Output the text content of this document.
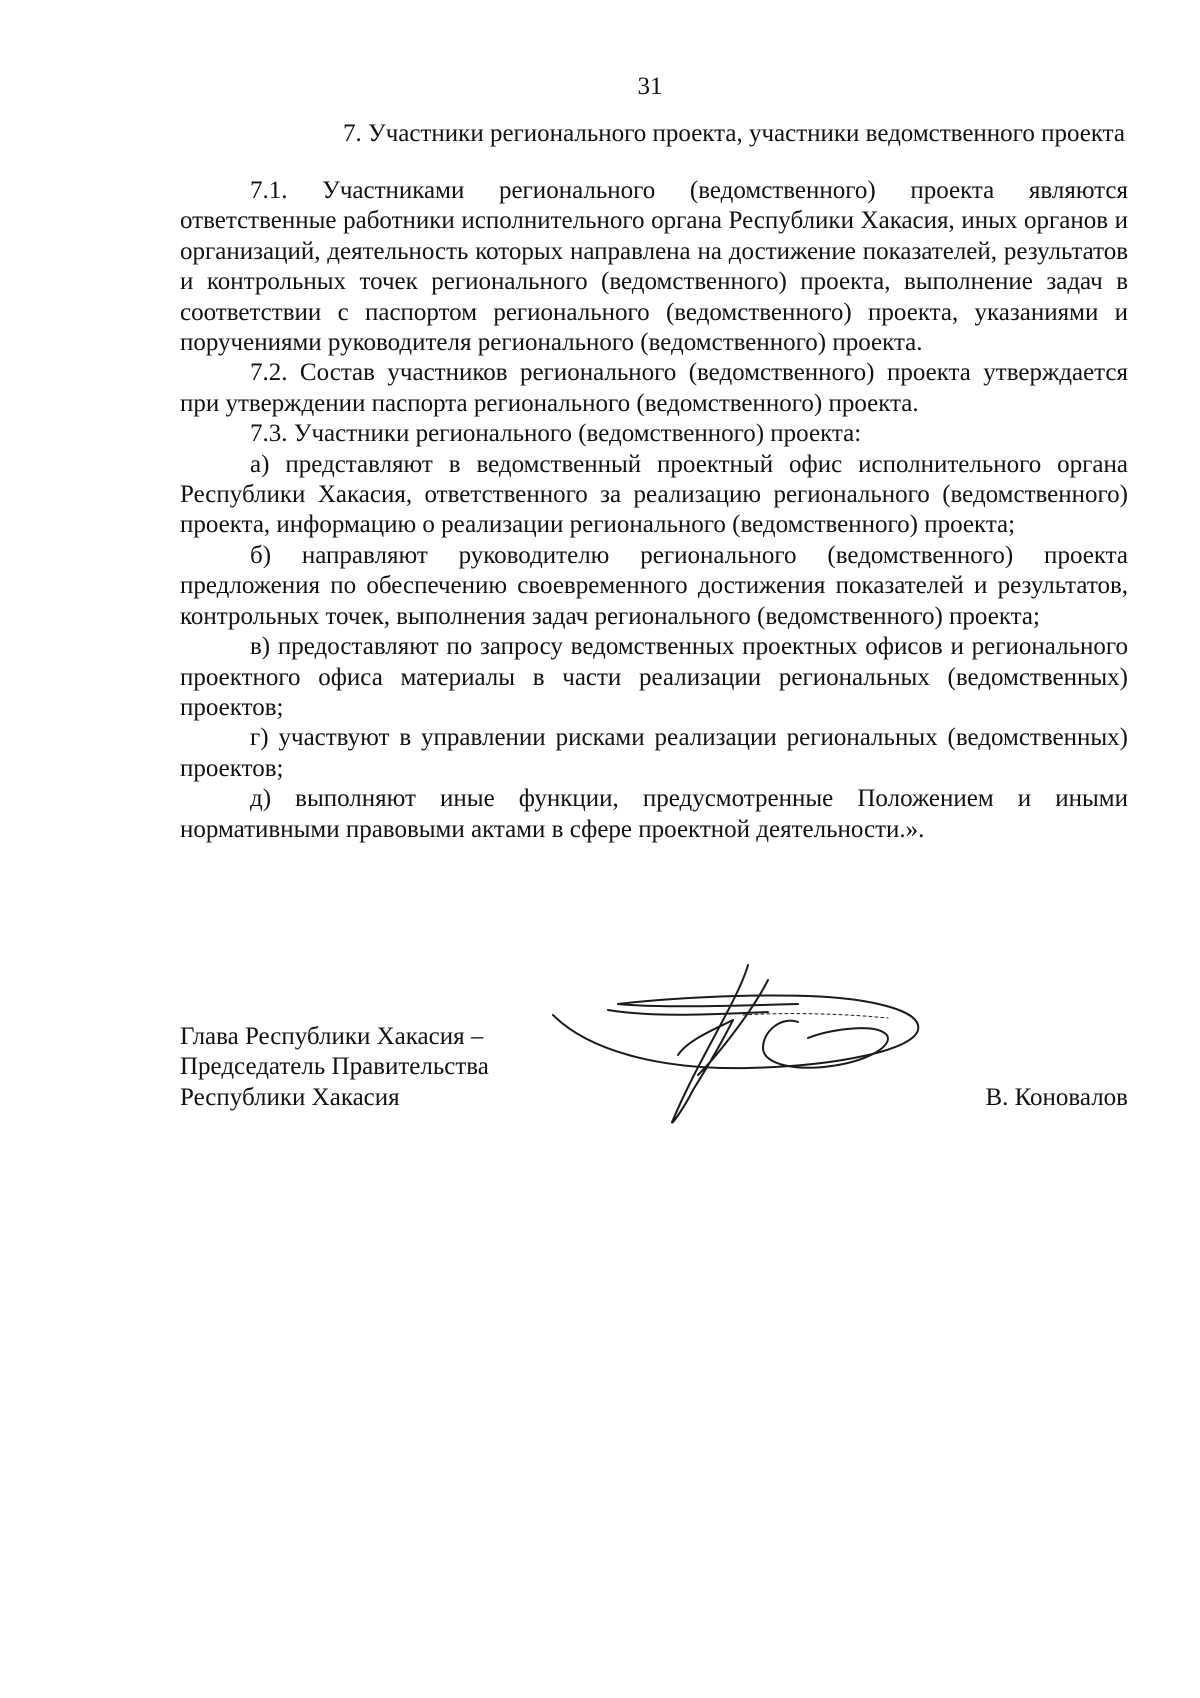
31
7. Участники регионального проекта, участники ведомственного проекта

7.1. Участниками регионального (ведомственного) проекта являются ответственные работники исполнительного органа Республики Хакасия, иных органов и организаций, деятельность которых направлена на достижение показателей, результатов и контрольных точек регионального (ведомственного) проекта, выполнение задач в соответствии с паспортом регионального (ведомственного) проекта, указаниями и поручениями руководителя регионального (ведомственного) проекта.

7.2. Состав участников регионального (ведомственного) проекта утверждается при утверждении паспорта регионального (ведомственного) проекта.

7.3. Участники регионального (ведомственного) проекта:

а) представляют в ведомственный проектный офис исполнительного органа Республики Хакасия, ответственного за реализацию регионального (ведомственного) проекта, информацию о реализации регионального (ведомственного) проекта;

б) направляют руководителю регионального (ведомственного) проекта предложения по обеспечению своевременного достижения показателей и результатов, контрольных точек, выполнения задач регионального (ведомственного) проекта;

в) предоставляют по запросу ведомственных проектных офисов и регионального проектного офиса материалы в части реализации региональных (ведомственных) проектов;

г) участвуют в управлении рисками реализации региональных (ведомственных) проектов;

д) выполняют иные функции, предусмотренные Положением и иными нормативными правовыми актами в сфере проектной деятельности.».

Глава Республики Хакасия –
Председатель Правительства
Республики Хакасия	В. Коновалов
